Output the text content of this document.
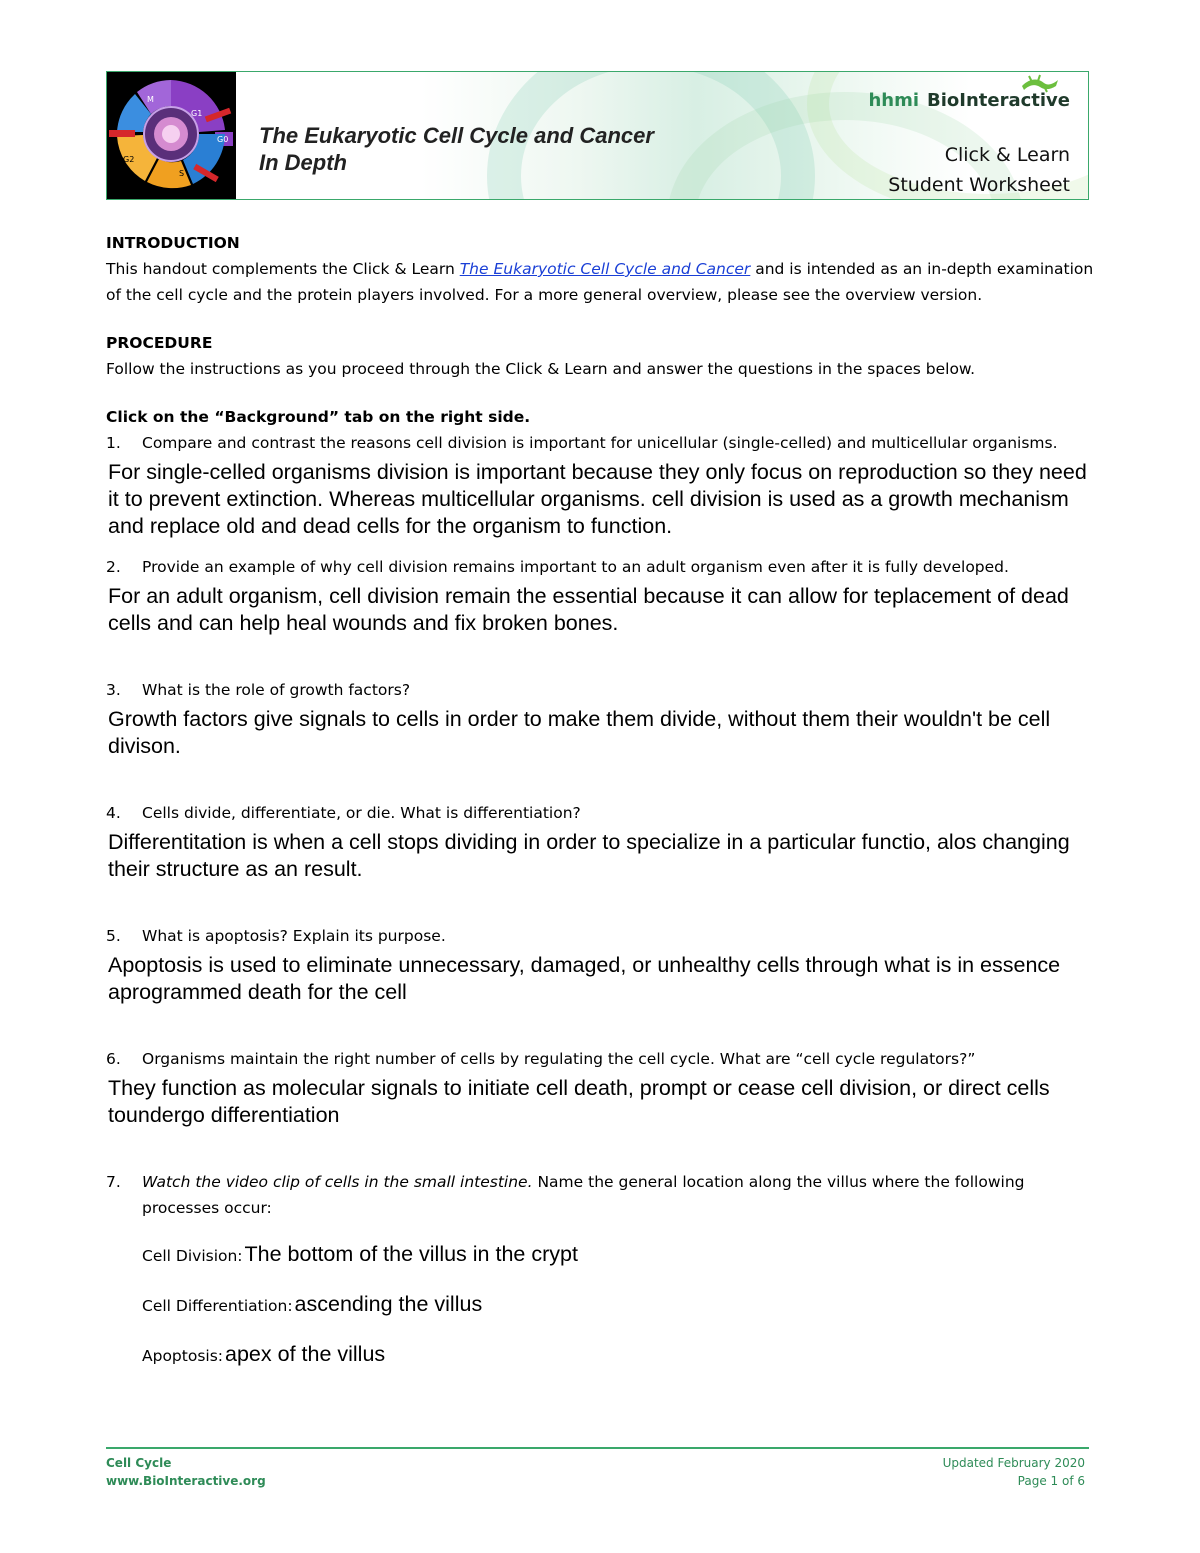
M
G1
G0
S
G2
The Eukaryotic Cell Cycle and Cancer
In Depth
hhmi BioInteractive
Click & Learn
Student Worksheet
INTRODUCTION

This handout complements the Click & Learn The Eukaryotic Cell Cycle and Cancer and is intended as an in-depth examination of the cell cycle and the protein players involved. For a more general overview, please see the overview version.

PROCEDURE

Follow the instructions as you proceed through the Click & Learn and answer the questions in the spaces below.

Click on the “Background” tab on the right side.

1. Compare and contrast the reasons cell division is important for unicellular (single-celled) and multicellular organisms.

For single-celled organisms division is important because they only focus on reproduction so they need it to prevent extinction. Whereas multicellular organisms. cell division is used as a growth mechanism and replace old and dead cells for the organism to function.

2. Provide an example of why cell division remains important to an adult organism even after it is fully developed.

For an adult organism, cell division remain the essential because it can allow for teplacement of dead cells and can help heal wounds and fix broken bones.

3. What is the role of growth factors?

Growth factors give signals to cells in order to make them divide, without them their wouldn't be cell divison.

4. Cells divide, differentiate, or die. What is differentiation?

Differentitation is when a cell stops dividing in order to specialize in a particular functio, alos changing their structure as an result.

5. What is apoptosis? Explain its purpose.

Apoptosis is used to eliminate unnecessary, damaged, or unhealthy cells through what is in essence aprogrammed death for the cell

6. Organisms maintain the right number of cells by regulating the cell cycle. What are “cell cycle regulators?”

They function as molecular signals to initiate cell death, prompt or cease cell division, or direct cells toundergo differentiation

7. Watch the video clip of cells in the small intestine. Name the general location along the villus where the following processes occur:

Cell Division: The bottom of the villus in the crypt
Cell Differentiation: ascending the villus
Apoptosis: apex of the villus
Cell Cycle
www.BioInteractive.org
Updated February 2020
Page 1 of 6
